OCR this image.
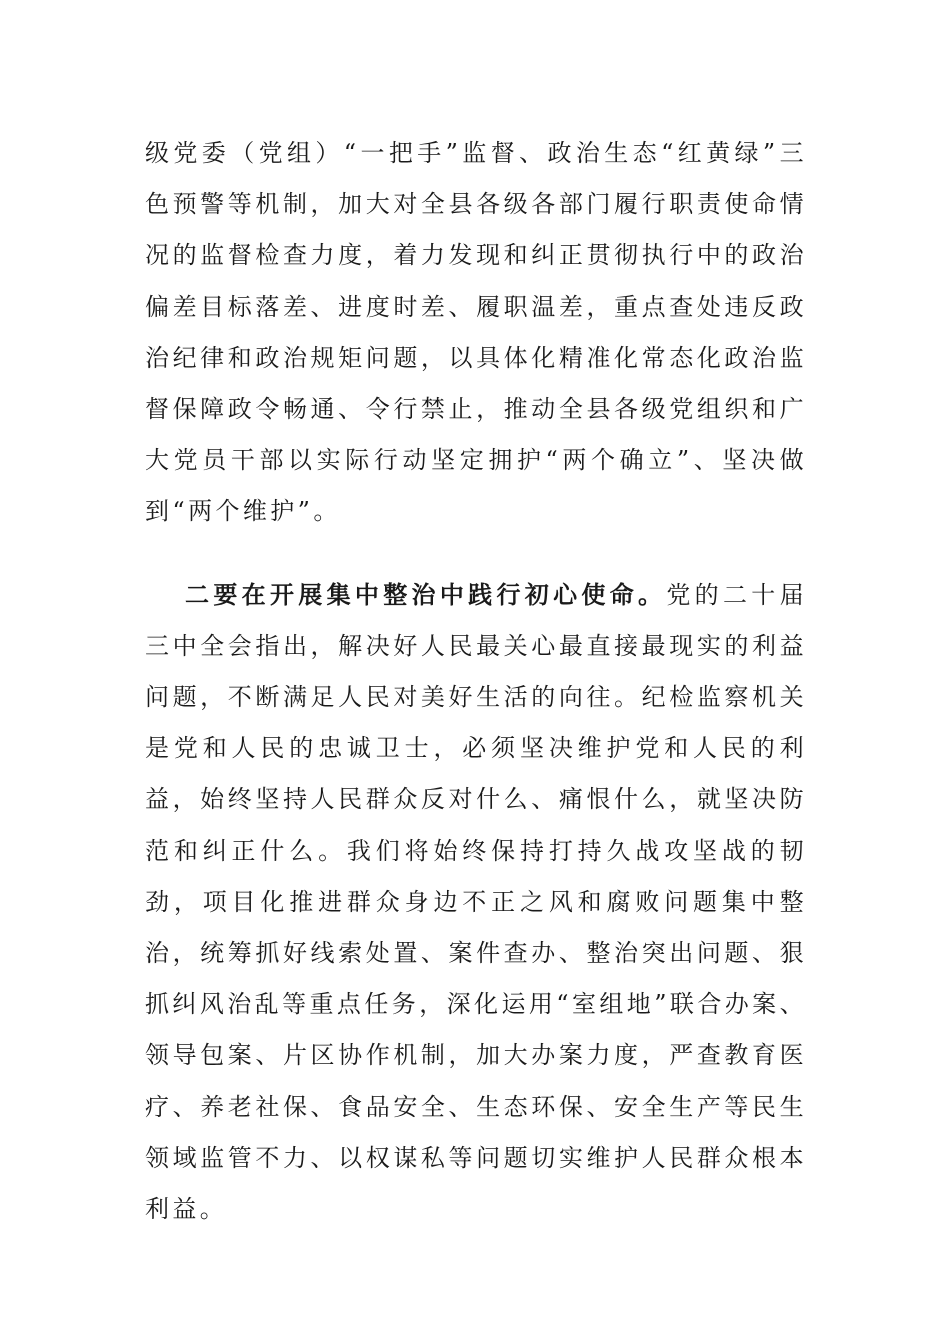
级党委（党组）“一把手”监督、政治生态“红黄绿”三色预警等机制，加大对全县各级各部门履行职责使命情况的监督检查力度，着力发现和纠正贯彻执行中的政治偏差目标落差、进度时差、履职温差，重点查处违反政治纪律和政治规矩问题，以具体化精准化常态化政治监督保障政令畅通、令行禁止，推动全县各级党组织和广大党员干部以实际行动坚定拥护“两个确立”、坚决做到“两个维护”。

二要在开展集中整治中践行初心使命。党的二十届三中全会指出，解决好人民最关心最直接最现实的利益问题，不断满足人民对美好生活的向往。纪检监察机关是党和人民的忠诚卫士，必须坚决维护党和人民的利益，始终坚持人民群众反对什么、痛恨什么，就坚决防范和纠正什么。我们将始终保持打持久战攻坚战的韧劲，项目化推进群众身边不正之风和腐败问题集中整治，统筹抓好线索处置、案件查办、整治突出问题、狠抓纠风治乱等重点任务，深化运用“室组地”联合办案、领导包案、片区协作机制，加大办案力度，严查教育医疗、养老社保、食品安全、生态环保、安全生产等民生领域监管不力、以权谋私等问题切实维护人民群众根本利益。
